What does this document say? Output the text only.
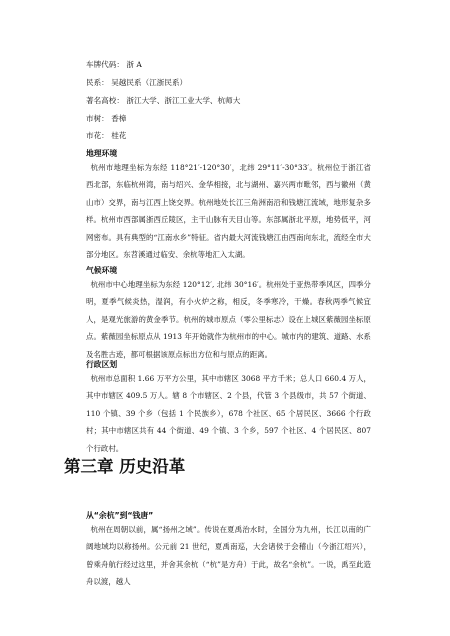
车牌代码： 浙 A
民系： 吴越民系（江浙民系）
著名高校： 浙江大学、浙江工业大学、杭师大
市树： 香樟
市花： 桂花
地理环境

杭州市地理坐标为东经 118°21′-120°30′，北纬 29°11′-30°33′。杭州位于浙江省西北部，东临杭州湾，南与绍兴、金华相接，北与湖州、嘉兴两市毗邻，西与徽州（黄山市）交界，南与江西上饶交界。杭州地处长江三角洲南沿和钱塘江流域，地形复杂多样。杭州市西部属浙西丘陵区，主干山脉有天目山等。东部属浙北平原，地势低平，河网密布。具有典型的“江南水乡”特征。省内最大河流钱塘江由西南向东北，流经全市大部分地区。东苕溪通过临安、余杭等地汇入太湖。

气候环境

杭州市中心地理坐标为东经 120°12′, 北纬 30°16′。杭州处于亚热带季风区，四季分明，夏季气候炎热，湿润，有小火炉之称，相反，冬季寒冷，干燥。春秋两季气候宜人，是观光旅游的黄金季节。杭州的城市原点（零公里标志）设在上城区紫薇园坐标原点。紫薇园坐标原点从 1913 年开始就作为杭州市的中心。城市内的建筑、道路、水系及名胜古迹，都可根据该原点标出方位和与原点的距离。

行政区划

杭州市总面积 1.66 万平方公里，其中市辖区 3068 平方千米；总人口 660.4 万人，其中市辖区 409.5 万人。辖 8 个市辖区、2 个县，代管 3 个县级市，共 57 个街道、110 个镇、39 个乡（包括 1 个民族乡），678 个社区、65 个居民区、3666 个行政村；其中市辖区共有 44 个街道、49 个镇、3 个乡，597 个社区、4 个居民区、807 个行政村。

第三章 历史沿革
从“余杭”到“钱唐”

杭州在周朝以前，属“扬州之域”。传说在夏禹治水时，全国分为九州，长江以南的广阔地域均以称扬州。公元前 21 世纪，夏禹南巡，大会诸侯于会稽山（今浙江绍兴），曾乘舟航行经过这里，并舍其余杭（“杭”是方舟）于此，故名“余杭”。一说，禹至此造舟以渡，越人
